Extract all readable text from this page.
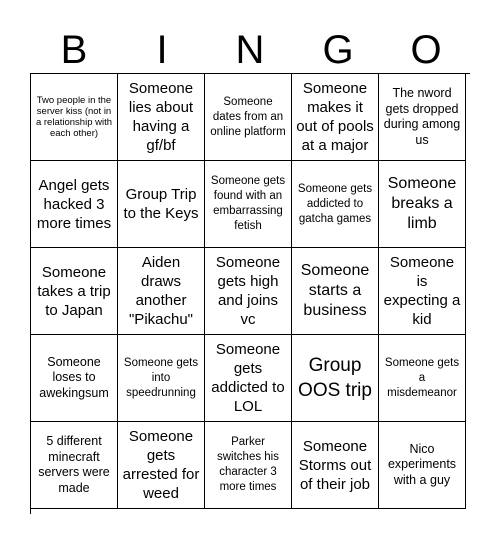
B	I	N	G	O
Two people in the server kiss (not in a relationship with each other)
Someone lies about having a gf/bf
Someone dates from an online platform
Someone makes it out of pools at a major
The nword gets dropped during among us
Angel gets hacked 3 more times
Group Trip to the Keys
Someone gets found with an embarrassing fetish
Someone gets addicted to gatcha games
Someone breaks a limb
Someone takes a trip to Japan
Aiden draws another "Pikachu"
Someone gets high and joins vc
Someone starts a business
Someone is expecting a kid
Someone loses to awekingsum
Someone gets into speedrunning
Someone gets addicted to LOL
Group OOS trip
Someone gets a misdemeanor
5 different minecraft servers were made
Someone gets arrested for weed
Parker switches his character 3 more times
Someone Storms out of their job
Nico experiments with a guy
